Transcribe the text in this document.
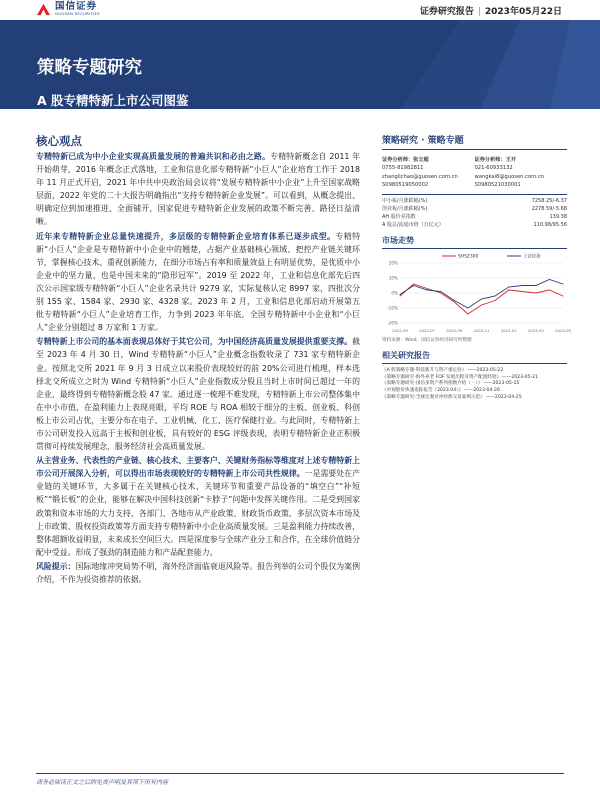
国信证券
GUOSEN SECURITIES	证券研究报告 | 2023年05月22日
策略专题研究
A 股专精特新上市公司图鉴
核心观点

专精特新已成为中小企业实现高质量发展的普遍共识和必由之路。专精特新概念自 2011 年开始萌芽，2016 年概念正式落地，工业和信息化部专精特新“小巨人”企业培育工作于 2018 年 11 月正式开启，2021 年中共中央政治局会议将“发展专精特新中小企业”上升至国家战略层面，2022 年党的二十大报告明确指出“支持专精特新企业发展”。可以看到，从概念提出、明确定位到加速推进、全面铺开，国家促进专精特新企业发展的政策不断完善、路径日益清晰。

近年来专精特新企业总量快速提升，多层级的专精特新企业培育体系已逐步成型。专精特新“小巨人”企业是专精特新中小企业中的翘楚，占据产业基础核心领域、把控产业链关键环节，掌握核心技术、重视创新能力，在细分市场占有率和质量效益上有明显优势，是优质中小企业中的坚力量，也是中国未来的“隐形冠军”。2019 至 2022 年，工业和信息化部先后四次公示国家级专精特新“小巨人”企业名录共计 9279 家，实际复核认定 8997 家，四批次分别 155 家、1584 家、2930 家、4328 家。2023 年 2 月，工业和信息化部启动开展第五批专精特新“小巨人”企业培育工作，力争到 2023 年年底，全国专精特新中小企业和“小巨人”企业分别超过 8 万家和 1 万家。

专精特新上市公司的基本面表现总体好于其它公司，为中国经济高质量发展提供重要支撑。截至 2023 年 4 月 30 日，Wind 专精特新“小巨人”企业概念指数收录了 731 家专精特新企业。按照北交所 2021 年 9 月 3 日成立以来股价表现较好的前 20%公司进行梳理，样本选择北交所成立之时为 Wind 专精特新“小巨人”企业指数成分股且当时上市时间已超过一年的企业，最终得到专精特新概念股 47 家。通过逐一梳理不难发现，专精特新上市公司整体集中在中小市值，在盈利能力上表现亮眼，平均 ROE 与 ROA 相较于细分的主板、创业板、科创板上市公司占优，主要分布在电子、工业机械、化工、医疗保健行业。与此同时，专精特新上市公司研发投入远高于主板和创业板，具有较好的 ESG 评级表现，表明专精特新企业正积极贯彻可持续发展理念，服务经济社会高质量发展。

从主营业务、代表性的产业链、核心技术、主要客户、关键财务指标等维度对上述专精特新上市公司开展深入分析，可以得出市场表现较好的专精特新上市公司共性规律。一是需要处在产业链的关键环节，大多属于在关键核心技术、关键环节和重要产品设备的“填空白”“补短板”“锻长板”的企业，能够在解决中国科技创新“卡脖子”问题中发挥关键作用。二是受到国家政策和资本市场的大力支持，各部门、各地市从产业政策、财政货币政策、多层次资本市场及上市政策、股权投资政策等方面支持专精特新中小企业高质量发展。三是盈利能力持续改善，整体超额收益明显，未来成长空间巨大。四是深度参与全球产业分工和合作，在全球价值链分配中受益。形成了强劲的制造能力和产品配套能力。

风险提示：国际地缘冲突局势不明，海外经济面临衰退风险等。报告列举的公司个股仅为案例介绍，不作为投资推荐的依据。

策略研究 · 策略专题
证券分析师：张立超
0755-81982811
zhanglichao@guosen.com.cn
S0980519050002
证券分析师：王开
021-60933132
wangkai8@guosen.com.cn
S0980521030001
中小板/月涨跌幅(%)	7258.25/-6.37
创业板/月涨跌幅(%)	2278.59/-5.68
AH 股价差指数	139.38
A 股总/流通市值（万亿元）	110.98/95.56
市场走势
-20%
-10%
0%
10%
20%
2022-05	2022-07	2022-09	2022-11	2023-01	2023-03	2023-05
SHSZ300	上证综指
资料来源：Wind、国信证券经济研究所整理
相关研究报告
《A 股策略专题-科技新升与资产重定价》——2023-05-22
《策略专题研究-海外养老 FOF 发展历程及资产配置经验》——2023-05-21
《策略专题研究-国信多资产系列指数介绍（一）》——2023-05-15
《中观股价快速追踪报告（2023.04）》——2023-04-26
《策略专题研究-全球宏观对冲经典交易案例示范》——2023-04-25
请务必阅读正文之后的免责声明及其项下所有内容
